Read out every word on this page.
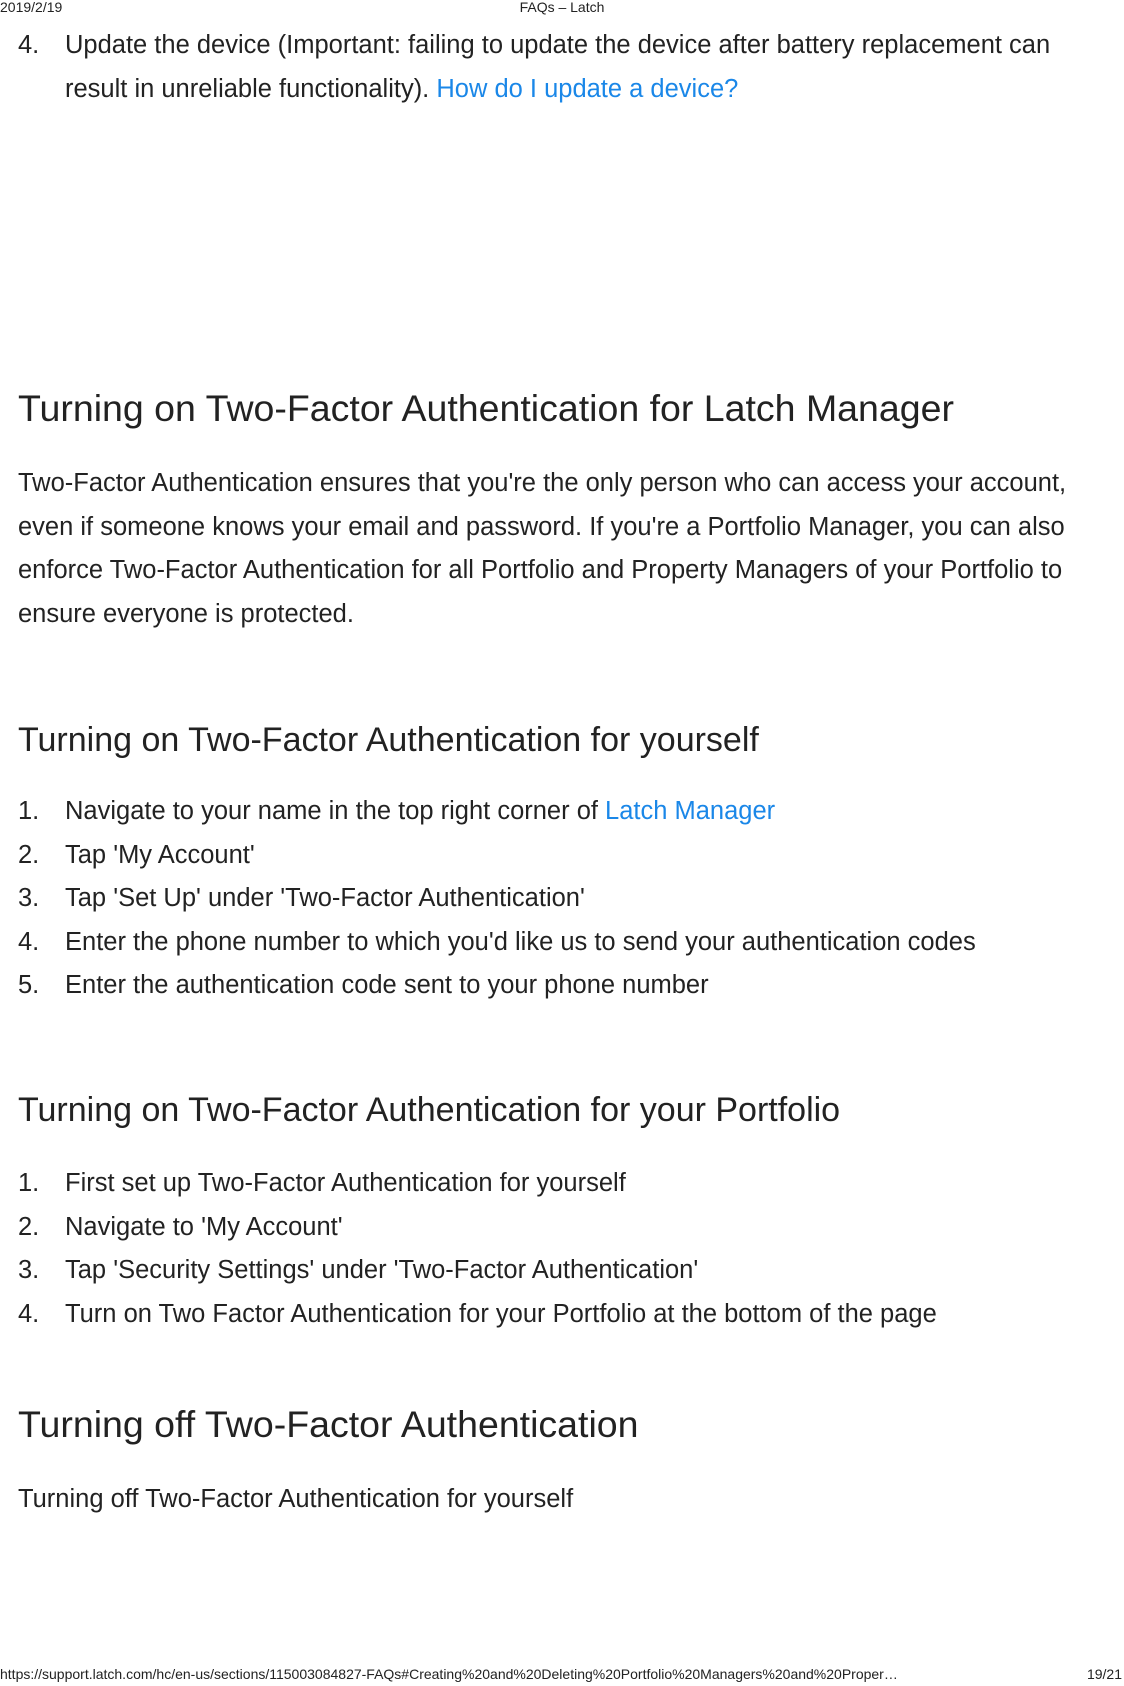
2019/2/19	FAQs – Latch
4. Update the device (Important: failing to update the device after battery replacement can result in unreliable functionality). How do I update a device?
Turning on Two-Factor Authentication for Latch Manager

Two-Factor Authentication ensures that you're the only person who can access your account, even if someone knows your email and password. If you're a Portfolio Manager, you can also enforce Two-Factor Authentication for all Portfolio and Property Managers of your Portfolio to ensure everyone is protected.

Turning on Two-Factor Authentication for yourself
1. Navigate to your name in the top right corner of Latch Manager
2. Tap 'My Account'
3. Tap 'Set Up' under 'Two-Factor Authentication'
4. Enter the phone number to which you'd like us to send your authentication codes
5. Enter the authentication code sent to your phone number
Turning on Two-Factor Authentication for your Portfolio
1. First set up Two-Factor Authentication for yourself
2. Navigate to 'My Account'
3. Tap 'Security Settings' under 'Two-Factor Authentication'
4. Turn on Two Factor Authentication for your Portfolio at the bottom of the page
Turning off Two-Factor Authentication

Turning off Two-Factor Authentication for yourself

https://support.latch.com/hc/en-us/sections/115003084827-FAQs#Creating%20and%20Deleting%20Portfolio%20Managers%20and%20Proper…	19/21
